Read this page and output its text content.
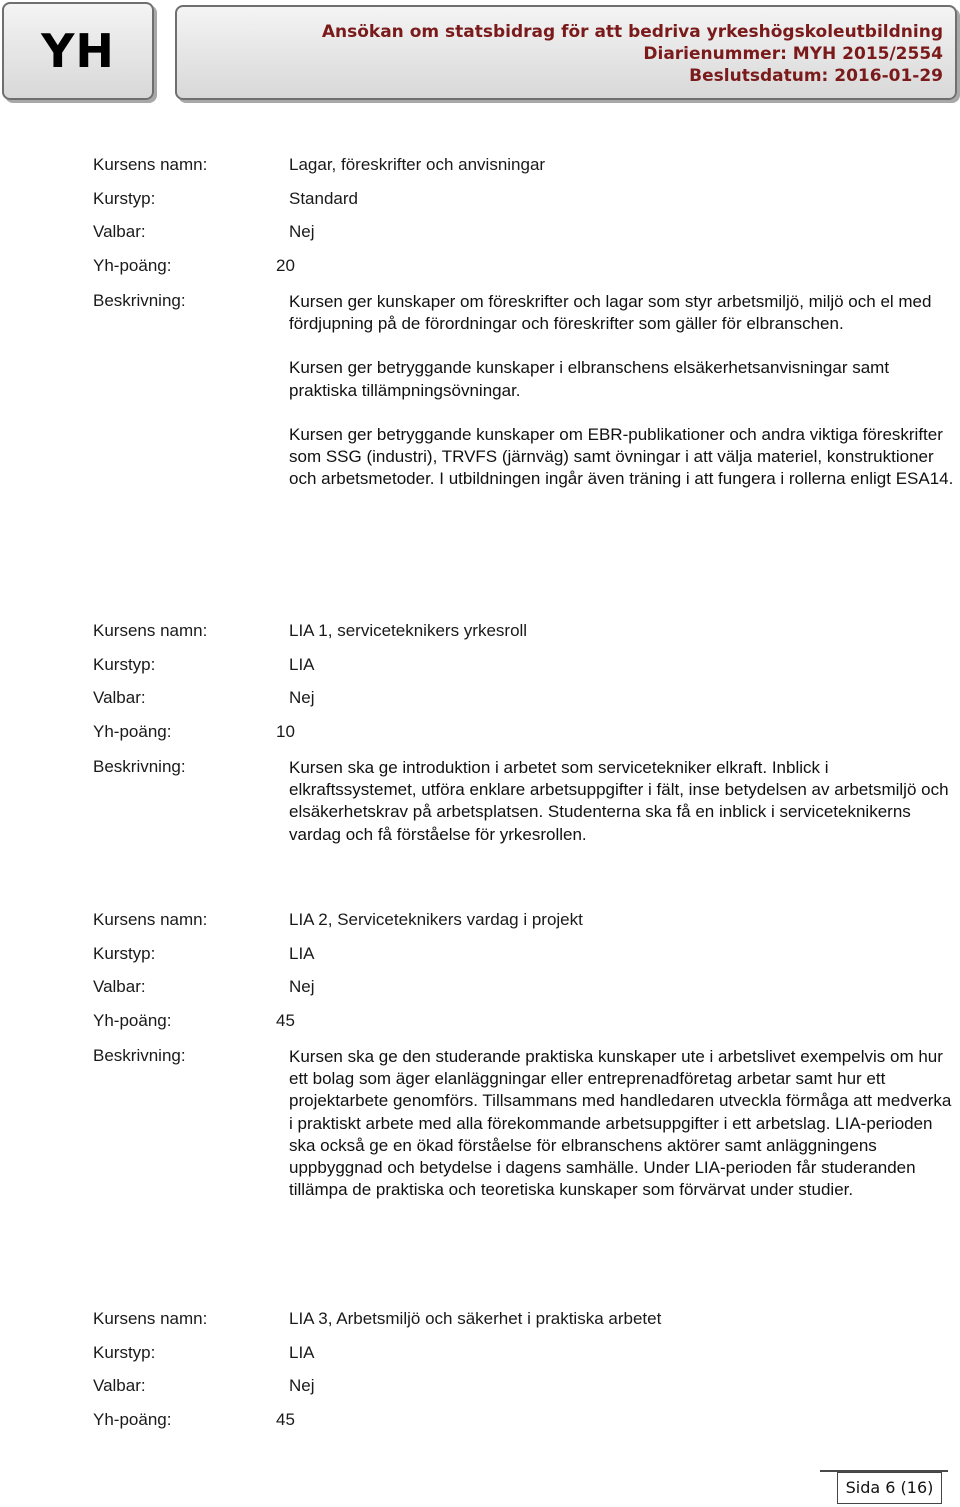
YH	Ansökan om statsbidrag för att bedriva yrkeshögskoleutbildning
Diarienummer: MYH 2015/2554
Beslutsdatum: 2016-01-29
Kursens namn:	Lagar, föreskrifter och anvisningar
Kurstyp:	Standard
Valbar:	Nej
Yh-poäng:	20
Beskrivning:	Kursen ger kunskaper om föreskrifter och lagar som styr arbetsmiljö, miljö och el med fördjupning på de förordningar och föreskrifter som gäller för elbranschen.

Kursen ger betryggande kunskaper i elbranschens elsäkerhetsanvisningar samt praktiska tillämpningsövningar.

Kursen ger betryggande kunskaper om EBR-publikationer och andra viktiga föreskrifter som SSG (industri), TRVFS (järnväg) samt övningar i att välja materiel, konstruktioner och arbetsmetoder. I utbildningen ingår även träning i att fungera i rollerna enligt ESA14.

Kursens namn:	LIA 1, serviceteknikers yrkesroll
Kurstyp:	LIA
Valbar:	Nej
Yh-poäng:	10
Beskrivning:	Kursen ska ge introduktion i arbetet som servicetekniker elkraft. Inblick i elkraftssystemet, utföra enklare arbetsuppgifter i fält, inse betydelsen av arbetsmiljö och elsäkerhetskrav på arbetsplatsen. Studenterna ska få en inblick i serviceteknikerns vardag och få förståelse för yrkesrollen.

Kursens namn:	LIA 2, Serviceteknikers vardag i projekt
Kurstyp:	LIA
Valbar:	Nej
Yh-poäng:	45
Beskrivning:	Kursen ska ge den studerande praktiska kunskaper ute i arbetslivet exempelvis om hur ett bolag som äger elanläggningar eller entreprenadföretag arbetar samt hur ett projektarbete genomförs. Tillsammans med handledaren utveckla förmåga att medverka i praktiskt arbete med alla förekommande arbetsuppgifter i ett arbetslag. LIA-perioden ska också ge en ökad förståelse för elbranschens aktörer samt anläggningens uppbyggnad och betydelse i dagens samhälle. Under LIA-perioden får studeranden tillämpa de praktiska och teoretiska kunskaper som förvärvat under studier.

Kursens namn:	LIA 3, Arbetsmiljö och säkerhet i praktiska arbetet
Kurstyp:	LIA
Valbar:	Nej
Yh-poäng:	45
Sida 6 (16)
